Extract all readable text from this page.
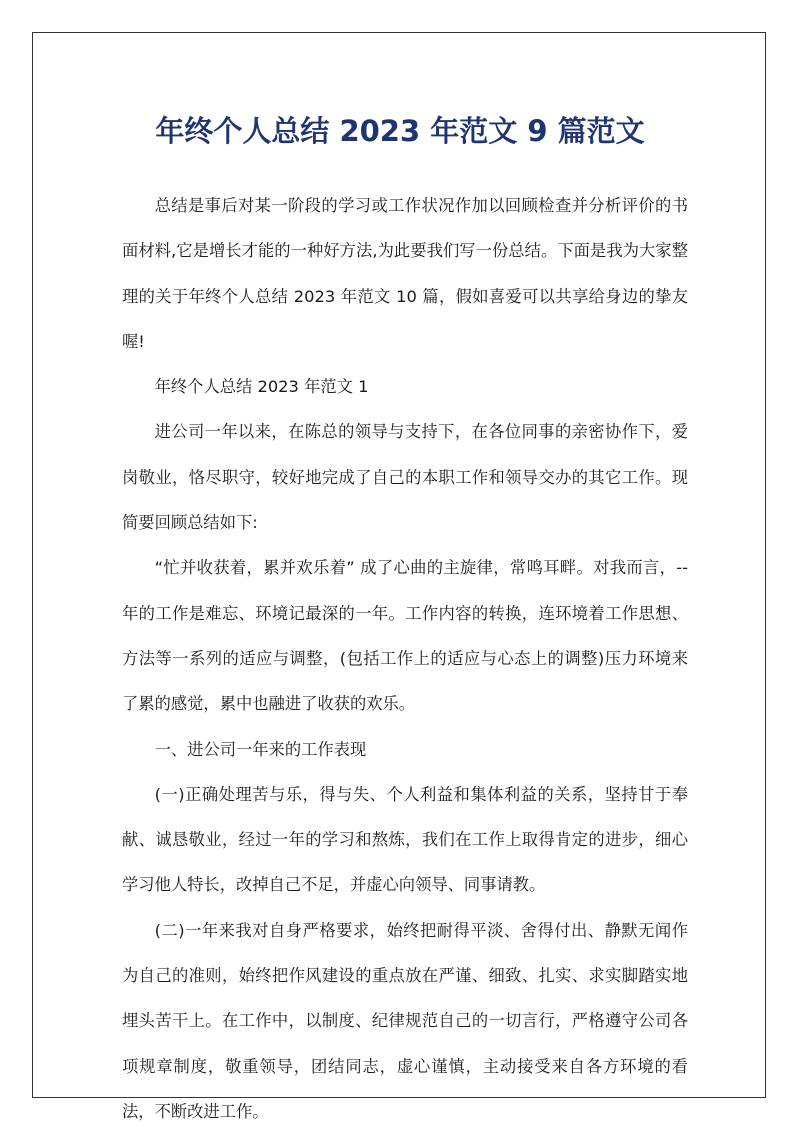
年终个人总结 2023 年范文 9 篇范文

总结是事后对某一阶段的学习或工作状况作加以回顾检查并分析评价的书面材料,它是增长才能的一种好方法,为此要我们写一份总结。下面是我为大家整理的关于年终个人总结 2023 年范文 10 篇，假如喜爱可以共享给身边的挚友喔!

年终个人总结 2023 年范文 1

进公司一年以来，在陈总的领导与支持下，在各位同事的亲密协作下，爱岗敬业，恪尽职守，较好地完成了自己的本职工作和领导交办的其它工作。现简要回顾总结如下:

“忙并收获着，累并欢乐着” 成了心曲的主旋律，常鸣耳畔。对我而言，--年的工作是难忘、环境记最深的一年。工作内容的转换，连环境着工作思想、方法等一系列的适应与调整，(包括工作上的适应与心态上的调整)压力环境来了累的感觉，累中也融进了收获的欢乐。

一、进公司一年来的工作表现

(一)正确处理苦与乐，得与失、个人利益和集体利益的关系，坚持甘于奉献、诚恳敬业，经过一年的学习和熬炼，我们在工作上取得肯定的进步，细心学习他人特长，改掉自己不足，并虚心向领导、同事请教。

(二)一年来我对自身严格要求，始终把耐得平淡、舍得付出、静默无闻作为自己的准则，始终把作风建设的重点放在严谨、细致、扎实、求实脚踏实地埋头苦干上。在工作中，以制度、纪律规范自己的一切言行，严格遵守公司各项规章制度，敬重领导，团结同志，虚心谨慎，主动接受来自各方环境的看法，不断改进工作。
